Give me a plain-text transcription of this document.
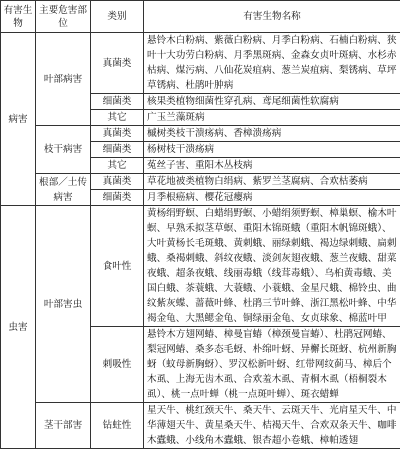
有害生物	主要危害部位	类别	有害生物名称
病害	叶部病害	真菌类	悬铃木白粉病、紫薇白粉病、月季白粉病、石楠白粉病、狭叶十大功劳白粉病、月季黑斑病、金森女贞叶斑病、水杉赤枯病、煤污病、八仙花炭疽病、葱兰炭疽病、梨锈病、草坪草锈病、杜鹃叶肿病
		细菌类	核果类植物细菌性穿孔病、鸢尾细菌性软腐病
		其它	广玉兰藻斑病
	枝干病害	真菌类	槭树类枝干溃疡病、香樟溃疡病
		细菌类	杨树枝干溃疡病
		其它	菟丝子害、重阳木丛枝病
	根部／土传病害	真菌类	草花地被类植物白绢病、紫罗兰茎腐病、合欢枯萎病
		细菌类	月季根癌病、樱花冠瘿病
虫害	叶部害虫	食叶性	黄杨绢野螟、白蜡绢野螟、小蜡绢须野螟、樟巢螟、榆木叶螟、早熟禾拟茎草螟、重阳木锦斑蛾（重阳木帆锦斑蛾）、大叶黄杨长毛斑蛾、黄刺蛾、丽绿刺蛾、褐边绿刺蛾、扁刺蛾、桑褐刺蛾、斜纹夜蛾、淡剑灰翅夜蛾、葱兰夜蛾、甜菜夜蛾、超条夜蛾、线丽毒蛾（线茸毒蛾）、乌桕黄毒蛾、美国白蛾、茶蓑蛾、大蓑蛾、小蓑蛾、金星尺蛾、棉铃虫、曲纹紫灰蝶、蔷薇叶蜂、杜鹃三节叶蜂、浙江黑松叶蜂、中华褐金龟、大黑鳃金龟、铜绿丽金龟、女贞球象、棉蓝叶甲
		刺吸性	悬铃木方翅网蝽、樟曼盲蝽（樟颈曼盲蝽）、杜鹃冠网蝽、梨冠网蝽、桑多态毛蚜、朴绵叶蚜、异檞长斑蚜、杭州新胸蚜（蚊母新胸蚜）、罗汉松新叶蚜、红带网纹蓟马、樟后个木虱、上海无齿木虱、合欢羞木虱、青桐木虱（梧桐裂木虱）、桃一点叶蝉（桃一点斑叶蝉）、斑衣蜡蝉
	茎干部害	钻蛀性	星天牛、桃红颈天牛、桑天牛、云斑天牛、光肩星天牛、中华薄翅天牛、黄星桑天牛、桔褐天牛、合欢双条天牛、咖啡木蠹蛾、小线角木蠹蛾、银杏超小卷蛾、樟帕透翅
